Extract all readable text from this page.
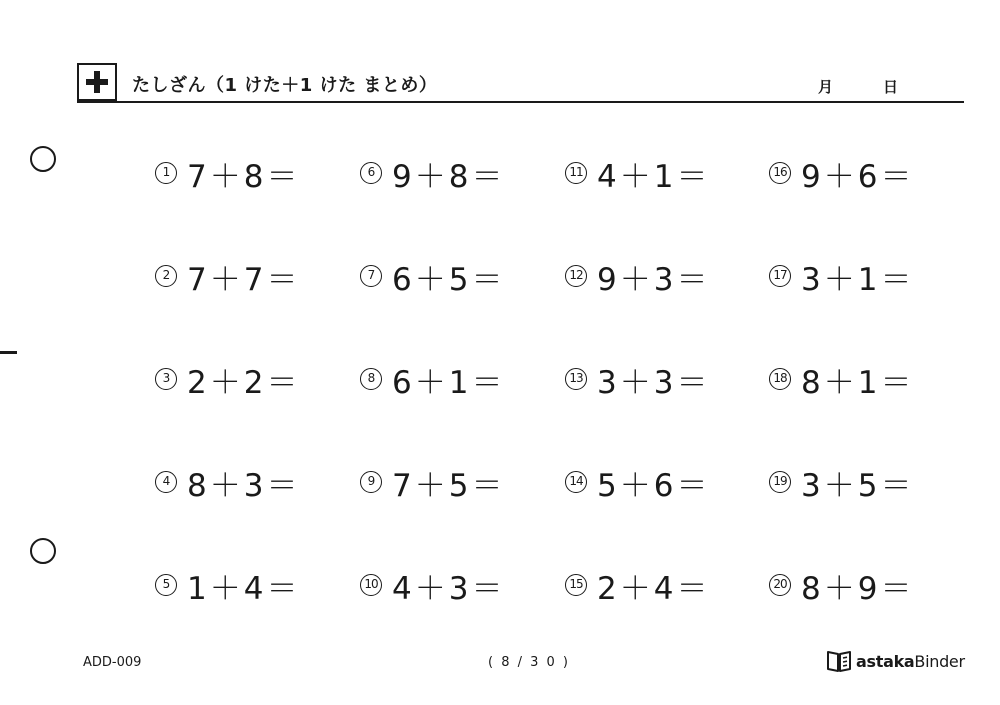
たしざん（1 けた＋1 けた まとめ）	月	日
1 7＋8＝
2 7＋7＝
3 2＋2＝
4 8＋3＝
5 1＋4＝
6 9＋8＝
7 6＋5＝
8 6＋1＝
9 7＋5＝
10 4＋3＝
11 4＋1＝
12 9＋3＝
13 3＋3＝
14 5＋6＝
15 2＋4＝
16 9＋6＝
17 3＋1＝
18 8＋1＝
19 3＋5＝
20 8＋9＝
ADD-009	( 8 / 3 0 )	astaka Binder
